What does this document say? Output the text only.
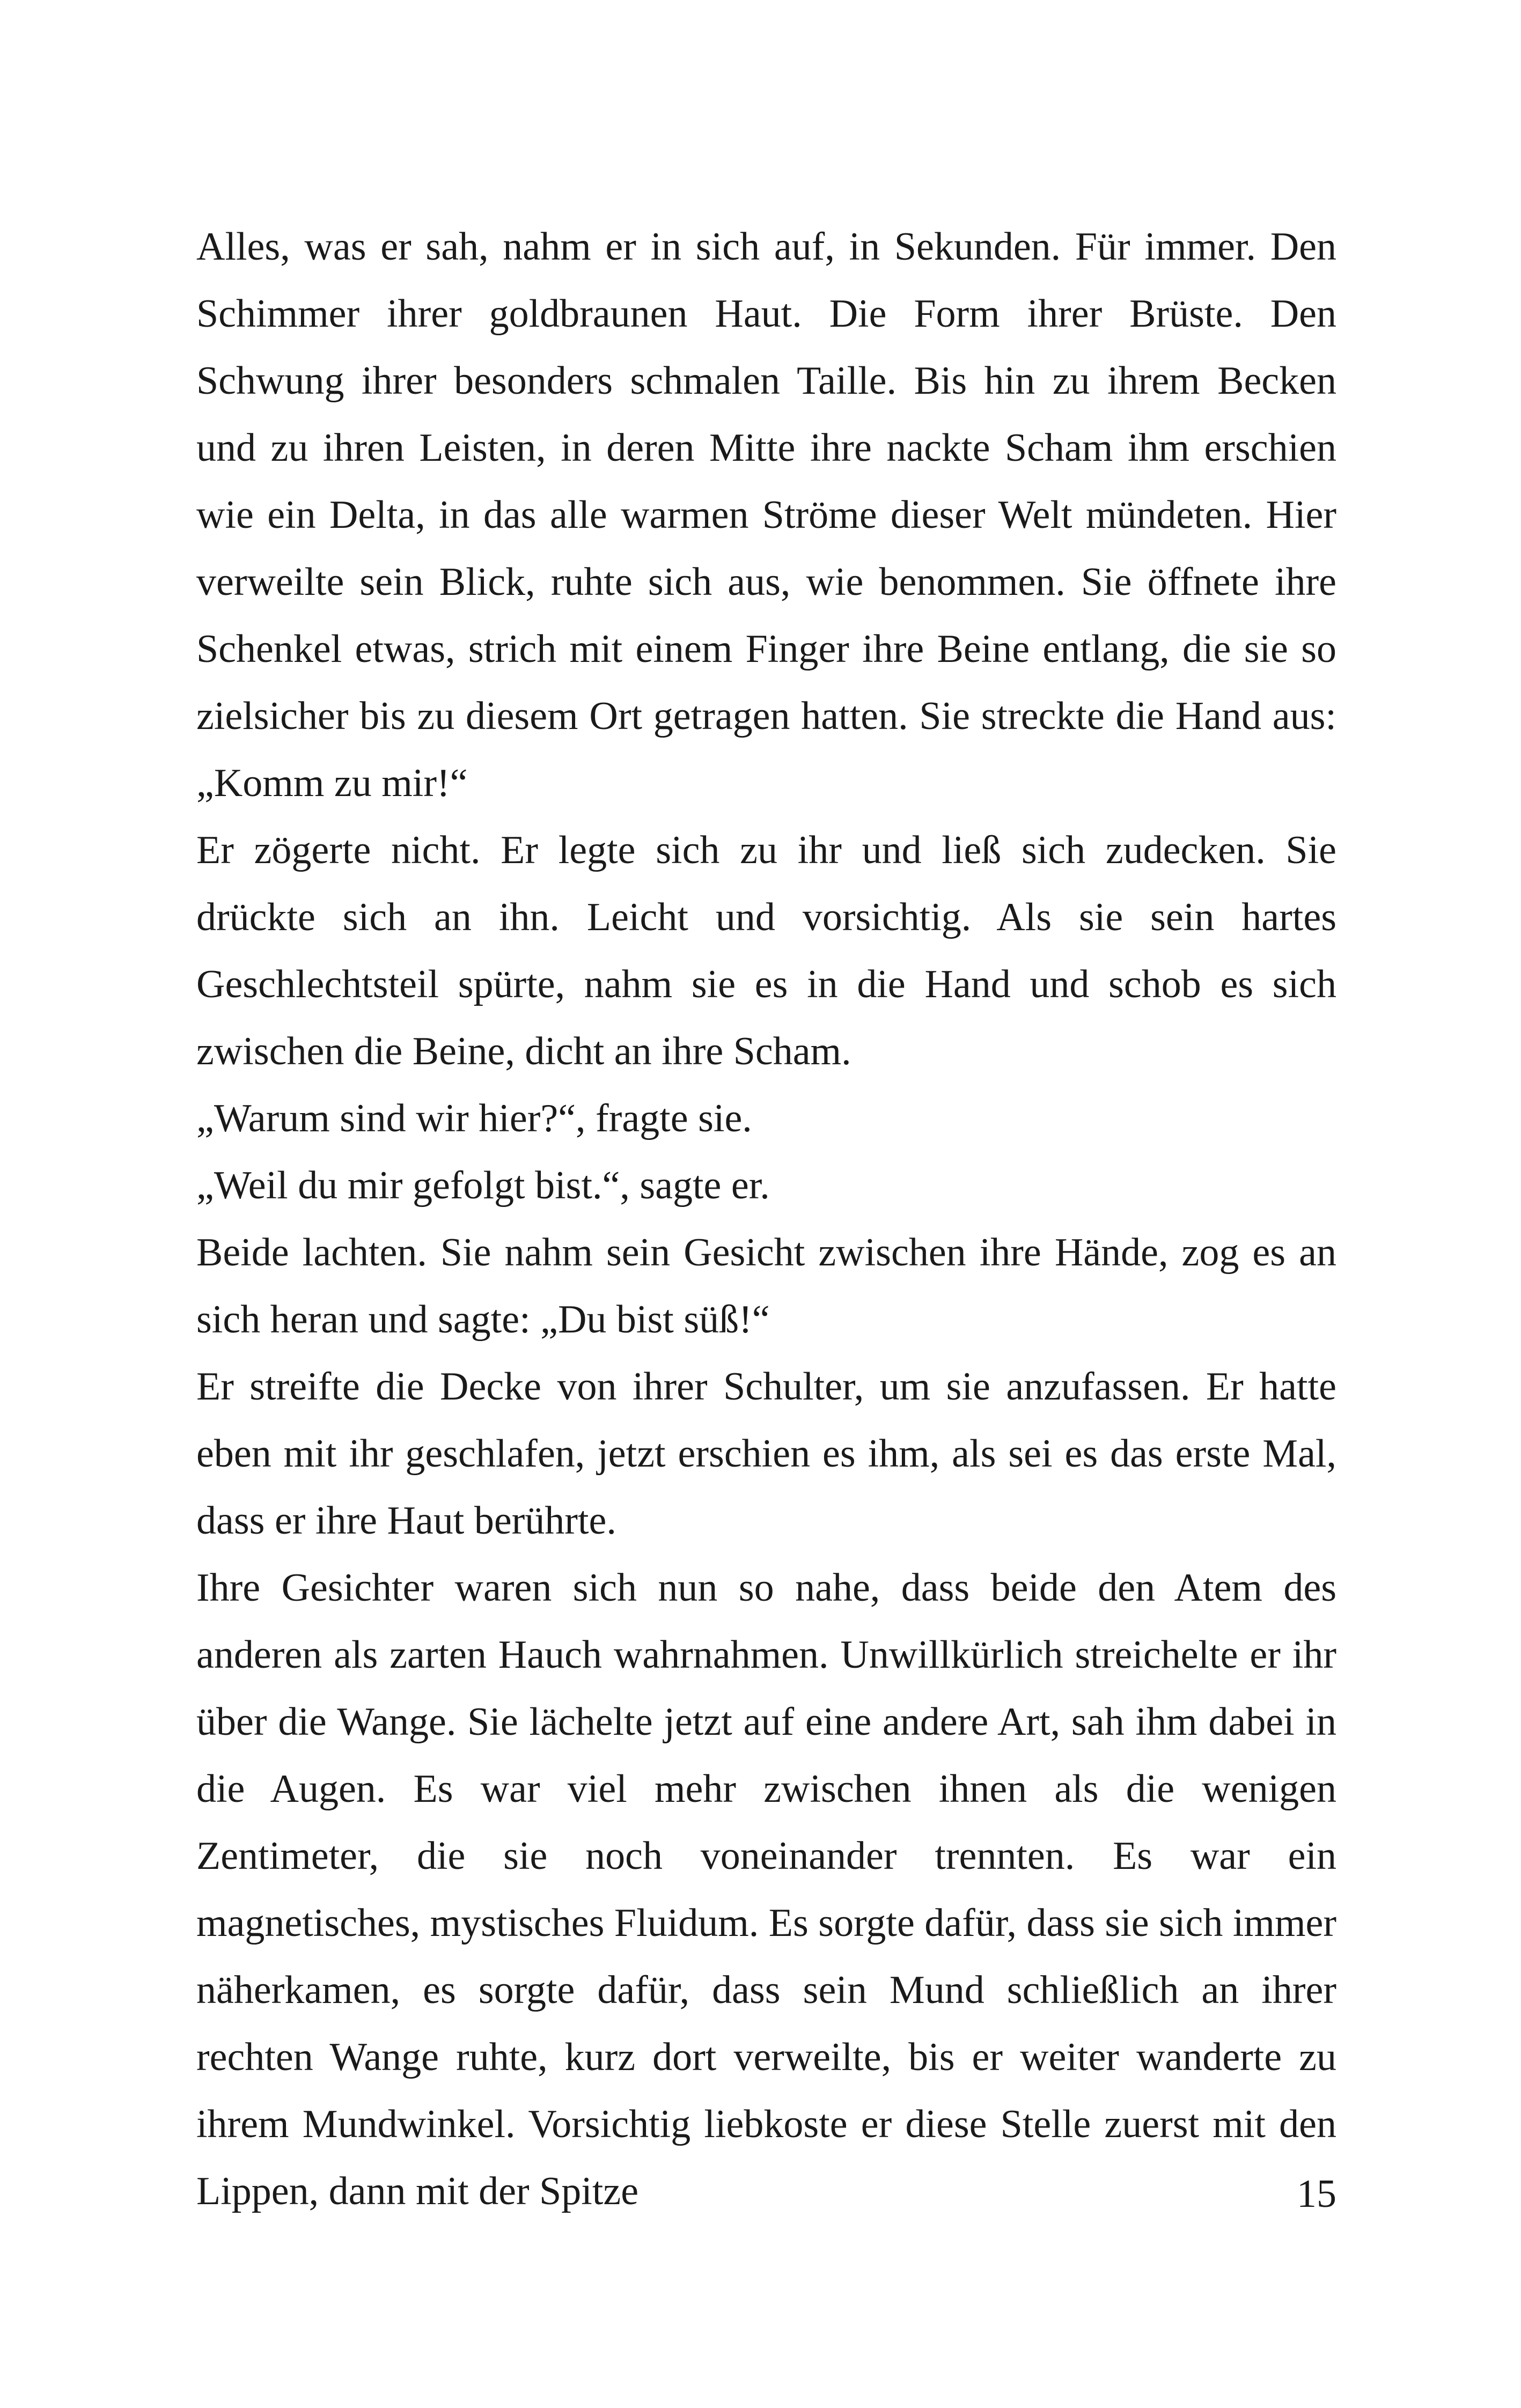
Alles, was er sah, nahm er in sich auf, in Sekunden. Für immer. Den Schimmer ihrer goldbraunen Haut. Die Form ihrer Brüste. Den Schwung ihrer besonders schmalen Taille. Bis hin zu ihrem Becken und zu ihren Leisten, in deren Mitte ihre nackte Scham ihm erschien wie ein Delta, in das alle warmen Ströme dieser Welt mündeten. Hier verweilte sein Blick, ruhte sich aus, wie benommen. Sie öffnete ihre Schenkel etwas, strich mit einem Finger ihre Beine entlang, die sie so zielsicher bis zu diesem Ort getragen hatten. Sie streckte die Hand aus: „Komm zu mir!“

Er zögerte nicht. Er legte sich zu ihr und ließ sich zudecken. Sie drückte sich an ihn. Leicht und vorsichtig. Als sie sein hartes Geschlechtsteil spürte, nahm sie es in die Hand und schob es sich zwischen die Beine, dicht an ihre Scham.

„Warum sind wir hier?“, fragte sie.

„Weil du mir gefolgt bist.“, sagte er.

Beide lachten. Sie nahm sein Gesicht zwischen ihre Hände, zog es an sich heran und sagte: „Du bist süß!“

Er streifte die Decke von ihrer Schulter, um sie anzufassen. Er hatte eben mit ihr geschlafen, jetzt erschien es ihm, als sei es das erste Mal, dass er ihre Haut berührte.

Ihre Gesichter waren sich nun so nahe, dass beide den Atem des anderen als zarten Hauch wahrnahmen. Unwillkürlich streichelte er ihr über die Wange. Sie lächelte jetzt auf eine andere Art, sah ihm dabei in die Augen. Es war viel mehr zwischen ihnen als die wenigen Zentimeter, die sie noch voneinander trennten. Es war ein magnetisches, mystisches Fluidum. Es sorgte dafür, dass sie sich immer näherkamen, es sorgte dafür, dass sein Mund schließlich an ihrer rechten Wange ruhte, kurz dort verweilte, bis er weiter wanderte zu ihrem Mundwinkel. Vorsichtig liebkoste er diese Stelle zuerst mit den Lippen, dann mit der Spitze	15
